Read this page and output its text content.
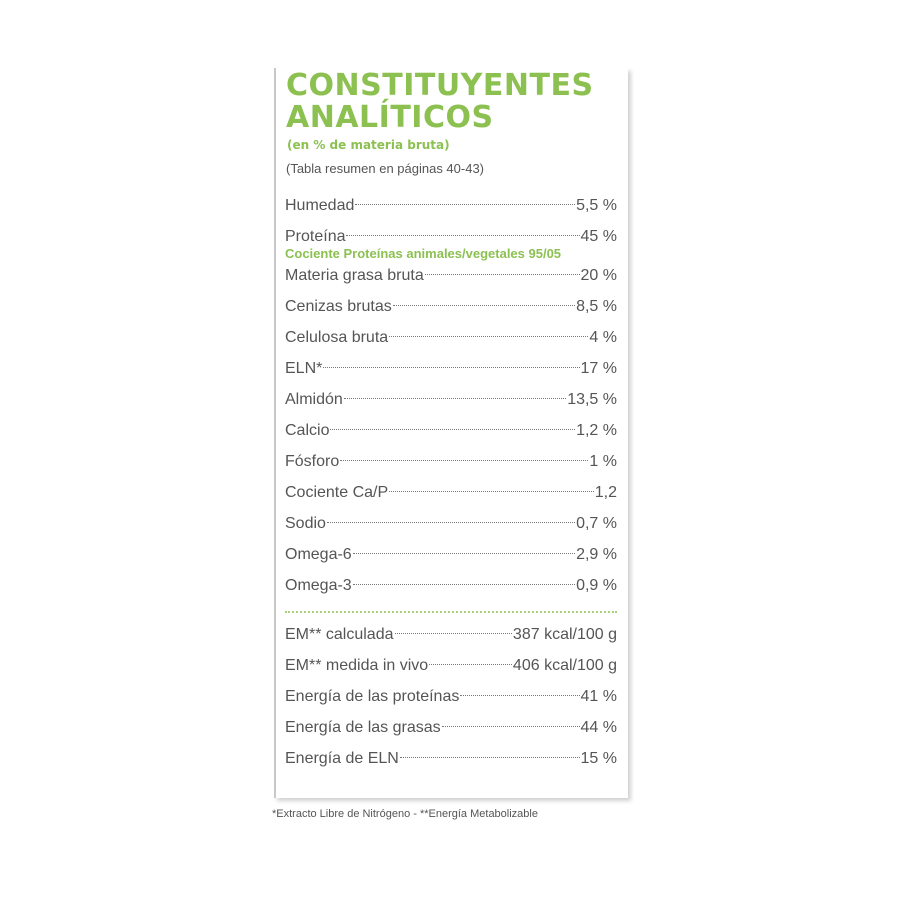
CONSTITUYENTES
ANALÍTICOS
(en % de materia bruta)
(Tabla resumen en páginas 40-43)
Humedad	5,5 %
Proteína	45 %
Cociente Proteínas animales/vegetales 95/05
Materia grasa bruta	20 %
Cenizas brutas	8,5 %
Celulosa bruta	4 %
ELN*	17 %
Almidón	13,5 %
Calcio	1,2 %
Fósforo	1 %
Cociente Ca/P	1,2
Sodio	0,7 %
Omega-6	2,9 %
Omega-3	0,9 %
EM** calculada	387 kcal/100 g
EM** medida in vivo	406 kcal/100 g
Energía de las proteínas	41 %
Energía de las grasas	44 %
Energía de ELN	15 %
*Extracto Libre de Nitrógeno - **Energía Metabolizable
